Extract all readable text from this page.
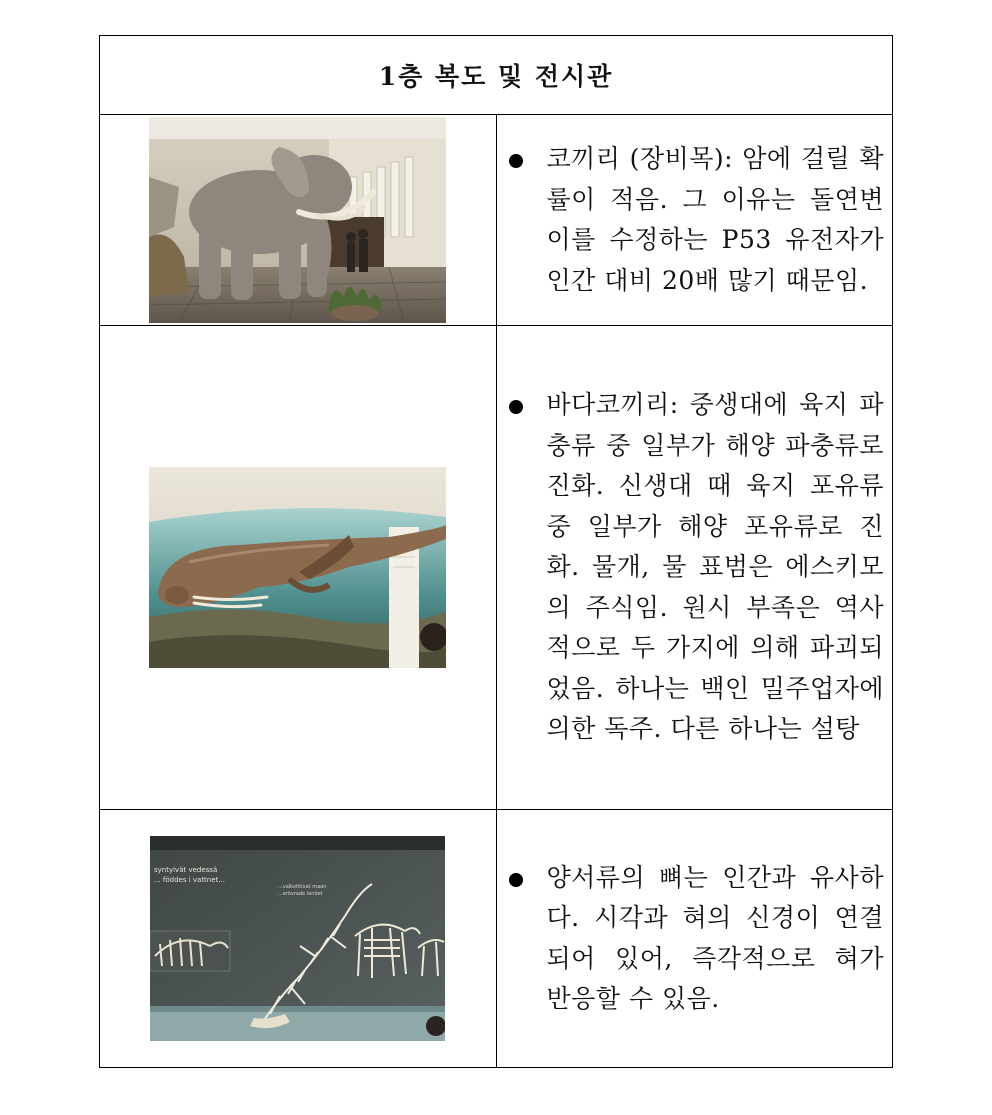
1층 복도 및 전시관	

코끼리 (장비목): 암에 걸릴 확률이 적음. 그 이유는 돌연변이를 수정하는 P53 유전자가 인간 대비 20배 많기 때문임.

바다코끼리: 중생대에 육지 파충류 중 일부가 해양 파충류로 진화. 신생대 때 육지 포유류 중 일부가 해양 포유류로 진화. 물개, 물 표범은 에스키모의 주식임. 원시 부족은 역사적으로 두 가지에 의해 파괴되었음. 하나는 백인 밀주업자에 의한 독주. 다른 하나는 설탕

syntyivät vedessä
... föddes i vattnet...
...valkoittivat maan
...erövrade landet	양서류의 뼈는 인간과 유사하다. 시각과 혀의 신경이 연결되어 있어, 즉각적으로 혀가 반응할 수 있음.
